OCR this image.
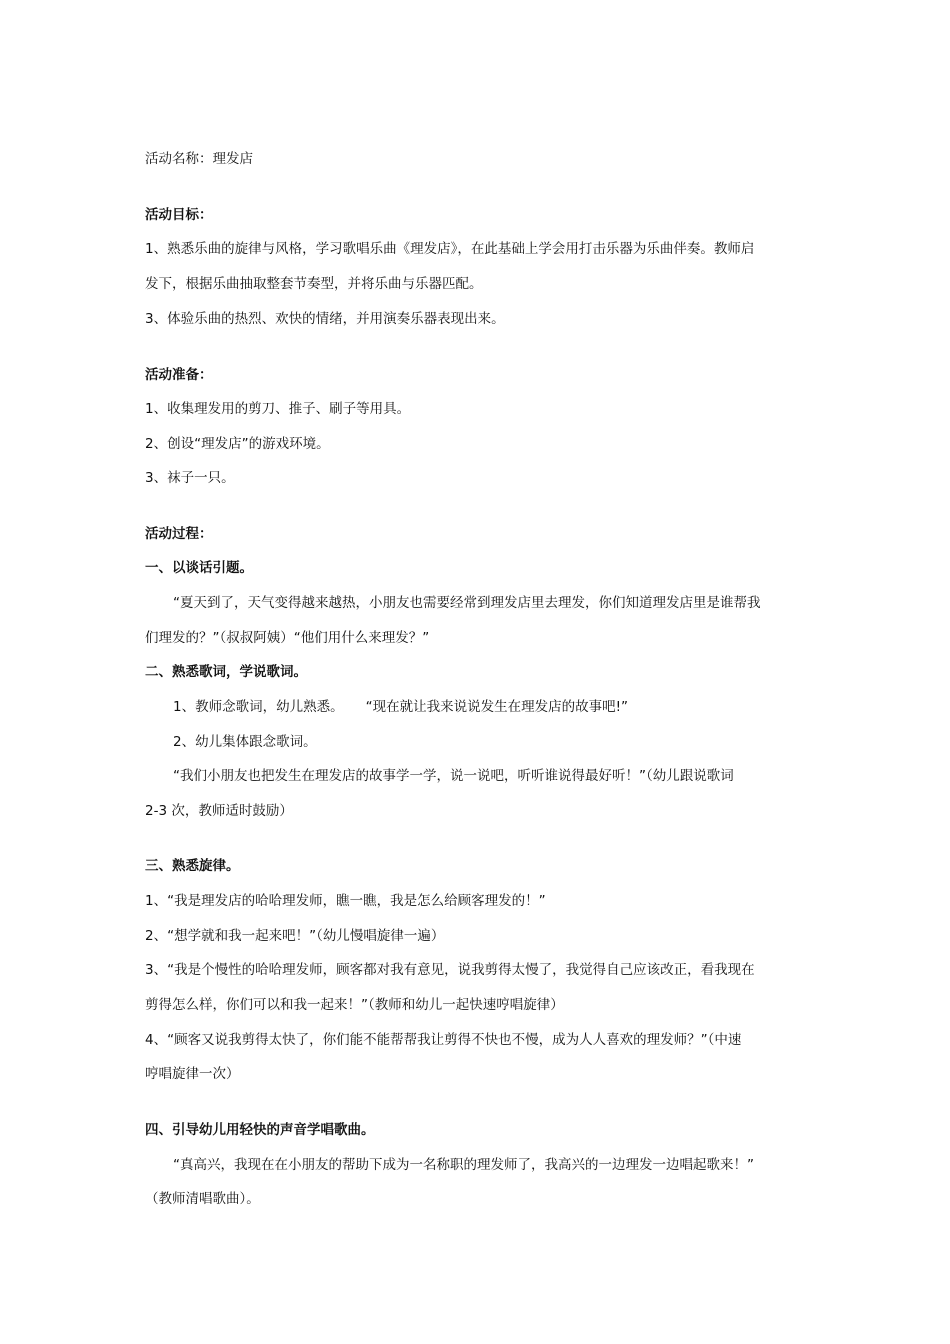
活动名称：理发店
活动目标：
1、熟悉乐曲的旋律与风格，学习歌唱乐曲《理发店》，在此基础上学会用打击乐器为乐曲伴奏。教师启
发下，根据乐曲抽取整套节奏型，并将乐曲与乐器匹配。
3、体验乐曲的热烈、欢快的情绪，并用演奏乐器表现出来。
活动准备：
1、收集理发用的剪刀、推子、刷子等用具。
2、创设“理发店”的游戏环境。
3、袜子一只。
活动过程：
一、以谈话引题。
“夏天到了，天气变得越来越热，小朋友也需要经常到理发店里去理发，你们知道理发店里是谁帮我
们理发的？”（叔叔阿姨）“他们用什么来理发？”
二、熟悉歌词，学说歌词。
1、教师念歌词，幼儿熟悉。 “现在就让我来说说发生在理发店的故事吧!”
2、幼儿集体跟念歌词。
“我们小朋友也把发生在理发店的故事学一学，说一说吧，听听谁说得最好听！”（幼儿跟说歌词
2-3 次，教师适时鼓励）
三、熟悉旋律。
1、“我是理发店的哈哈理发师，瞧一瞧，我是怎么给顾客理发的！”
2、“想学就和我一起来吧！”（幼儿慢唱旋律一遍）
3、“我是个慢性的哈哈理发师，顾客都对我有意见，说我剪得太慢了，我觉得自己应该改正，看我现在
剪得怎么样，你们可以和我一起来！”（教师和幼儿一起快速哼唱旋律）
4、“顾客又说我剪得太快了，你们能不能帮帮我让剪得不快也不慢，成为人人喜欢的理发师？”（中速
哼唱旋律一次）
四、引导幼儿用轻快的声音学唱歌曲。
“真高兴，我现在在小朋友的帮助下成为一名称职的理发师了，我高兴的一边理发一边唱起歌来！”
（教师清唱歌曲）。
